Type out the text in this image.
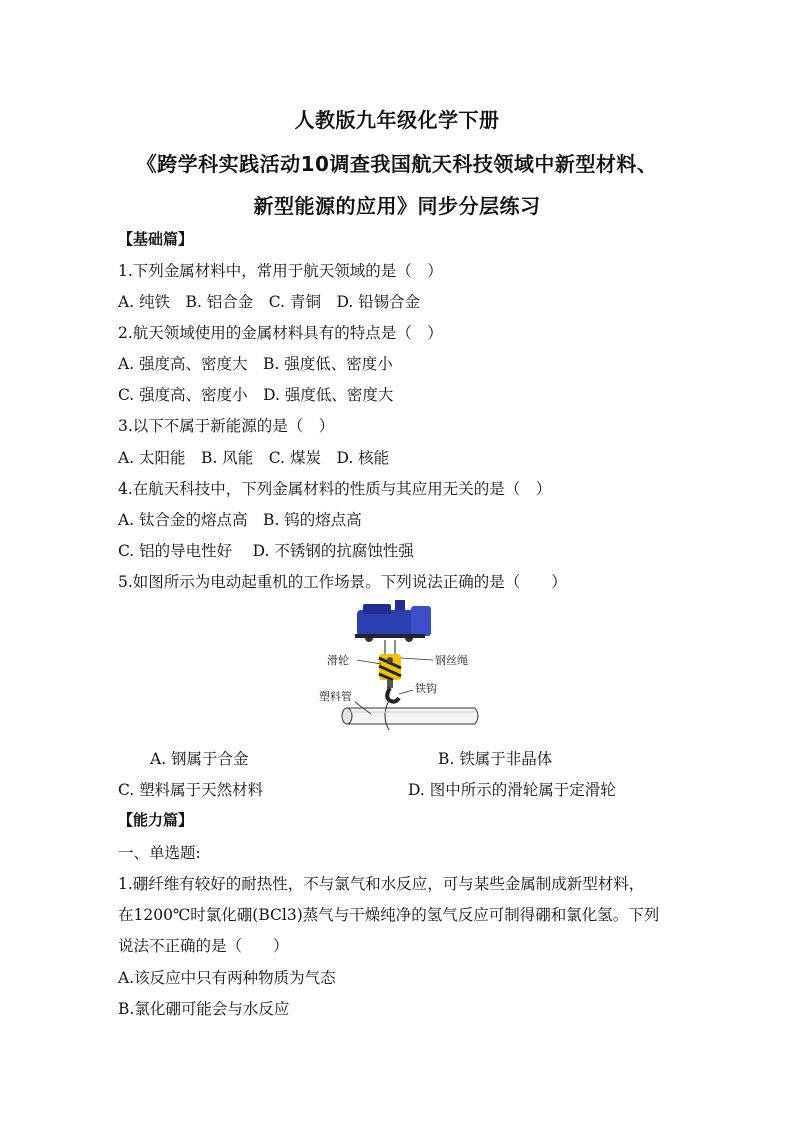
人教版九年级化学下册
《跨学科实践活动10调查我国航天科技领域中新型材料、
新型能源的应用》同步分层练习
【基础篇】
1.下列金属材料中，常用于航天领域的是（　）
A. 纯铁　B. 铝合金　C. 青铜　D. 铅锡合金
2.航天领域使用的金属材料具有的特点是（　）
A. 强度高、密度大　B. 强度低、密度小
C. 强度高、密度小　D. 强度低、密度大
3.以下不属于新能源的是（　）
A. 太阳能　B. 风能　C. 煤炭　D. 核能
4.在航天科技中，下列金属材料的性质与其应用无关的是（　）
A. 钛合金的熔点高　B. 钨的熔点高
C. 铝的导电性好　 D. 不锈钢的抗腐蚀性强
5.如图所示为电动起重机的工作场景。下列说法正确的是（　　）
滑轮	钢丝绳
铁钩
塑料管
A. 钢属于合金	B. 铁属于非晶体
C. 塑料属于天然材料	D. 图中所示的滑轮属于定滑轮
【能力篇】
一、单选题:
1.硼纤维有较好的耐热性，不与氯气和水反应，可与某些金属制成新型材料，
在1200℃时氯化硼(BCl3)蒸气与干燥纯净的氢气反应可制得硼和氯化氢。下列
说法不正确的是（　　）
A.该反应中只有两种物质为气态
B.氯化硼可能会与水反应
